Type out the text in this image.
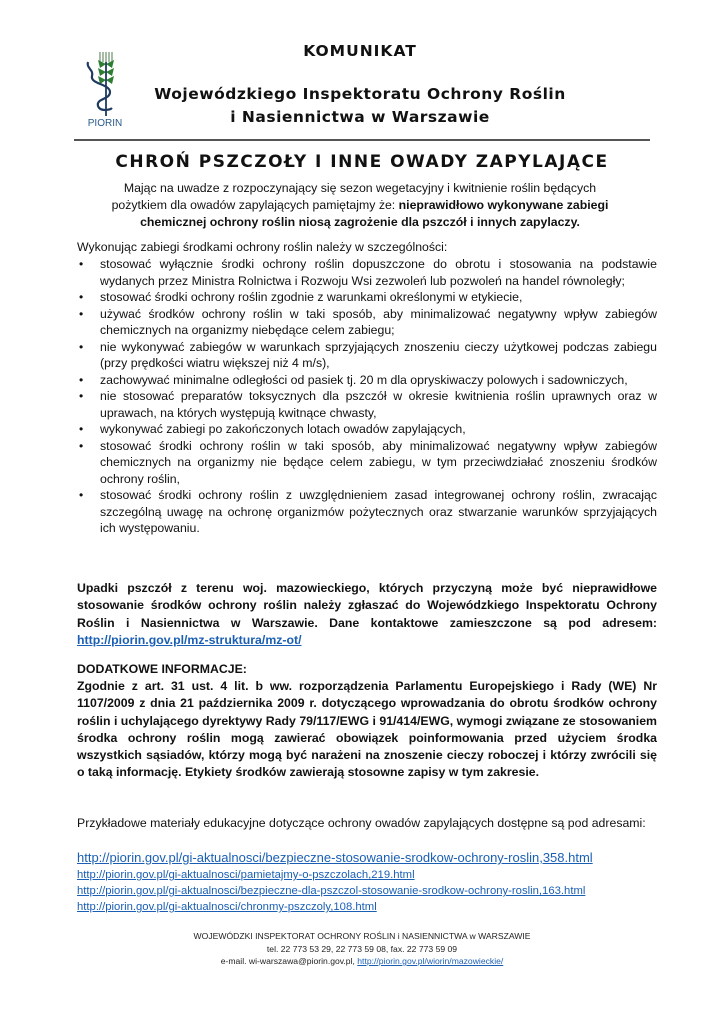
PIORIN
KOMUNIKAT
Wojewódzkiego Inspektoratu Ochrony Roślin
i Nasiennictwa w Warszawie
CHROŃ PSZCZOŁY I INNE OWADY ZAPYLAJĄCE
Mając na uwadze z rozpoczynający się sezon wegetacyjny i kwitnienie roślin będących pożytkiem dla owadów zapylających pamiętajmy że: nieprawidłowo wykonywane zabiegi chemicznej ochrony roślin niosą zagrożenie dla pszczół i innych zapylaczy.
Wykonując zabiegi środkami ochrony roślin należy w szczególności:
• stosować wyłącznie środki ochrony roślin dopuszczone do obrotu i stosowania na podstawie wydanych przez Ministra Rolnictwa i Rozwoju Wsi zezwoleń lub pozwoleń na handel równoległy;
• stosować środki ochrony roślin zgodnie z warunkami określonymi w etykiecie,
• używać środków ochrony roślin w taki sposób, aby minimalizować negatywny wpływ zabiegów chemicznych na organizmy niebędące celem zabiegu;
• nie wykonywać zabiegów w warunkach sprzyjających znoszeniu cieczy użytkowej podczas zabiegu (przy prędkości wiatru większej niż 4 m/s),
• zachowywać minimalne odległości od pasiek tj. 20 m dla opryskiwaczy polowych i sadowniczych,
• nie stosować preparatów toksycznych dla pszczół w okresie kwitnienia roślin uprawnych oraz w uprawach, na których występują kwitnące chwasty,
• wykonywać zabiegi po zakończonych lotach owadów zapylających,
• stosować środki ochrony roślin w taki sposób, aby minimalizować negatywny wpływ zabiegów chemicznych na organizmy nie będące celem zabiegu, w tym przeciwdziałać znoszeniu środków ochrony roślin,
• stosować środki ochrony roślin z uwzględnieniem zasad integrowanej ochrony roślin, zwracając szczególną uwagę na ochronę organizmów pożytecznych oraz stwarzanie warunków sprzyjających ich występowaniu.
Upadki pszczół z terenu woj. mazowieckiego, których przyczyną może być nieprawidłowe stosowanie środków ochrony roślin należy zgłaszać do Wojewódzkiego Inspektoratu Ochrony Roślin i Nasiennictwa w Warszawie. Dane kontaktowe zamieszczone są pod adresem: http://piorin.gov.pl/mz-struktura/mz-ot/
DODATKOWE INFORMACJE:
Zgodnie z art. 31 ust. 4 lit. b ww. rozporządzenia Parlamentu Europejskiego i Rady (WE) Nr 1107/2009 z dnia 21 października 2009 r. dotyczącego wprowadzania do obrotu środków ochrony roślin i uchylającego dyrektywy Rady 79/117/EWG i 91/414/EWG, wymogi związane ze stosowaniem środka ochrony roślin mogą zawierać obowiązek poinformowania przed użyciem środka wszystkich sąsiadów, którzy mogą być narażeni na znoszenie cieczy roboczej i którzy zwrócili się o taką informację. Etykiety środków zawierają stosowne zapisy w tym zakresie.
Przykładowe materiały edukacyjne dotyczące ochrony owadów zapylających dostępne są pod adresami:
http://piorin.gov.pl/gi-aktualnosci/bezpieczne-stosowanie-srodkow-ochrony-roslin,358.html
http://piorin.gov.pl/gi-aktualnosci/pamietajmy-o-pszczolach,219.html
http://piorin.gov.pl/gi-aktualnosci/bezpieczne-dla-pszczol-stosowanie-srodkow-ochrony-roslin,163.html
http://piorin.gov.pl/gi-aktualnosci/chronmy-pszczoly,108.html
WOJEWÓDZKI INSPEKTORAT OCHRONY ROŚLIN i NASIENNICTWA w WARSZAWIE
tel. 22 773 53 29, 22 773 59 08, fax. 22 773 59 09
e-mail. wi-warszawa@piorin.gov.pl, http://piorin.gov.pl/wiorin/mazowieckie/
